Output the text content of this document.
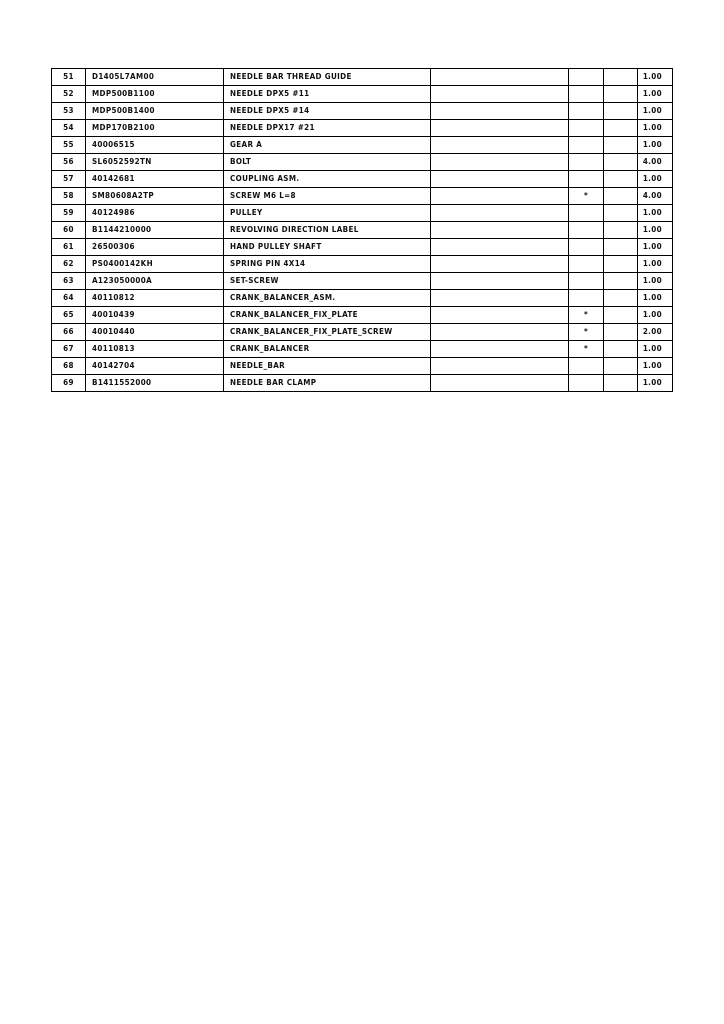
51	D1405L7AM00	NEEDLE BAR THREAD GUIDE				1.00
52	MDP500B1100	NEEDLE DPX5 #11				1.00
53	MDP500B1400	NEEDLE DPX5 #14				1.00
54	MDP170B2100	NEEDLE DPX17 #21				1.00
55	40006515	GEAR A				1.00
56	SL6052592TN	BOLT				4.00
57	40142681	COUPLING ASM.				1.00
58	SM80608A2TP	SCREW M6 L=8		*		4.00
59	40124986	PULLEY				1.00
60	B1144210000	REVOLVING DIRECTION LABEL				1.00
61	26500306	HAND PULLEY SHAFT				1.00
62	PS0400142KH	SPRING PIN 4X14				1.00
63	A123050000A	SET-SCREW				1.00
64	40110812	CRANK_BALANCER_ASM.				1.00
65	40010439	CRANK_BALANCER_FIX_PLATE		*		1.00
66	40010440	CRANK_BALANCER_FIX_PLATE_SCREW		*		2.00
67	40110813	CRANK_BALANCER		*		1.00
68	40142704	NEEDLE_BAR				1.00
69	B1411552000	NEEDLE BAR CLAMP				1.00
